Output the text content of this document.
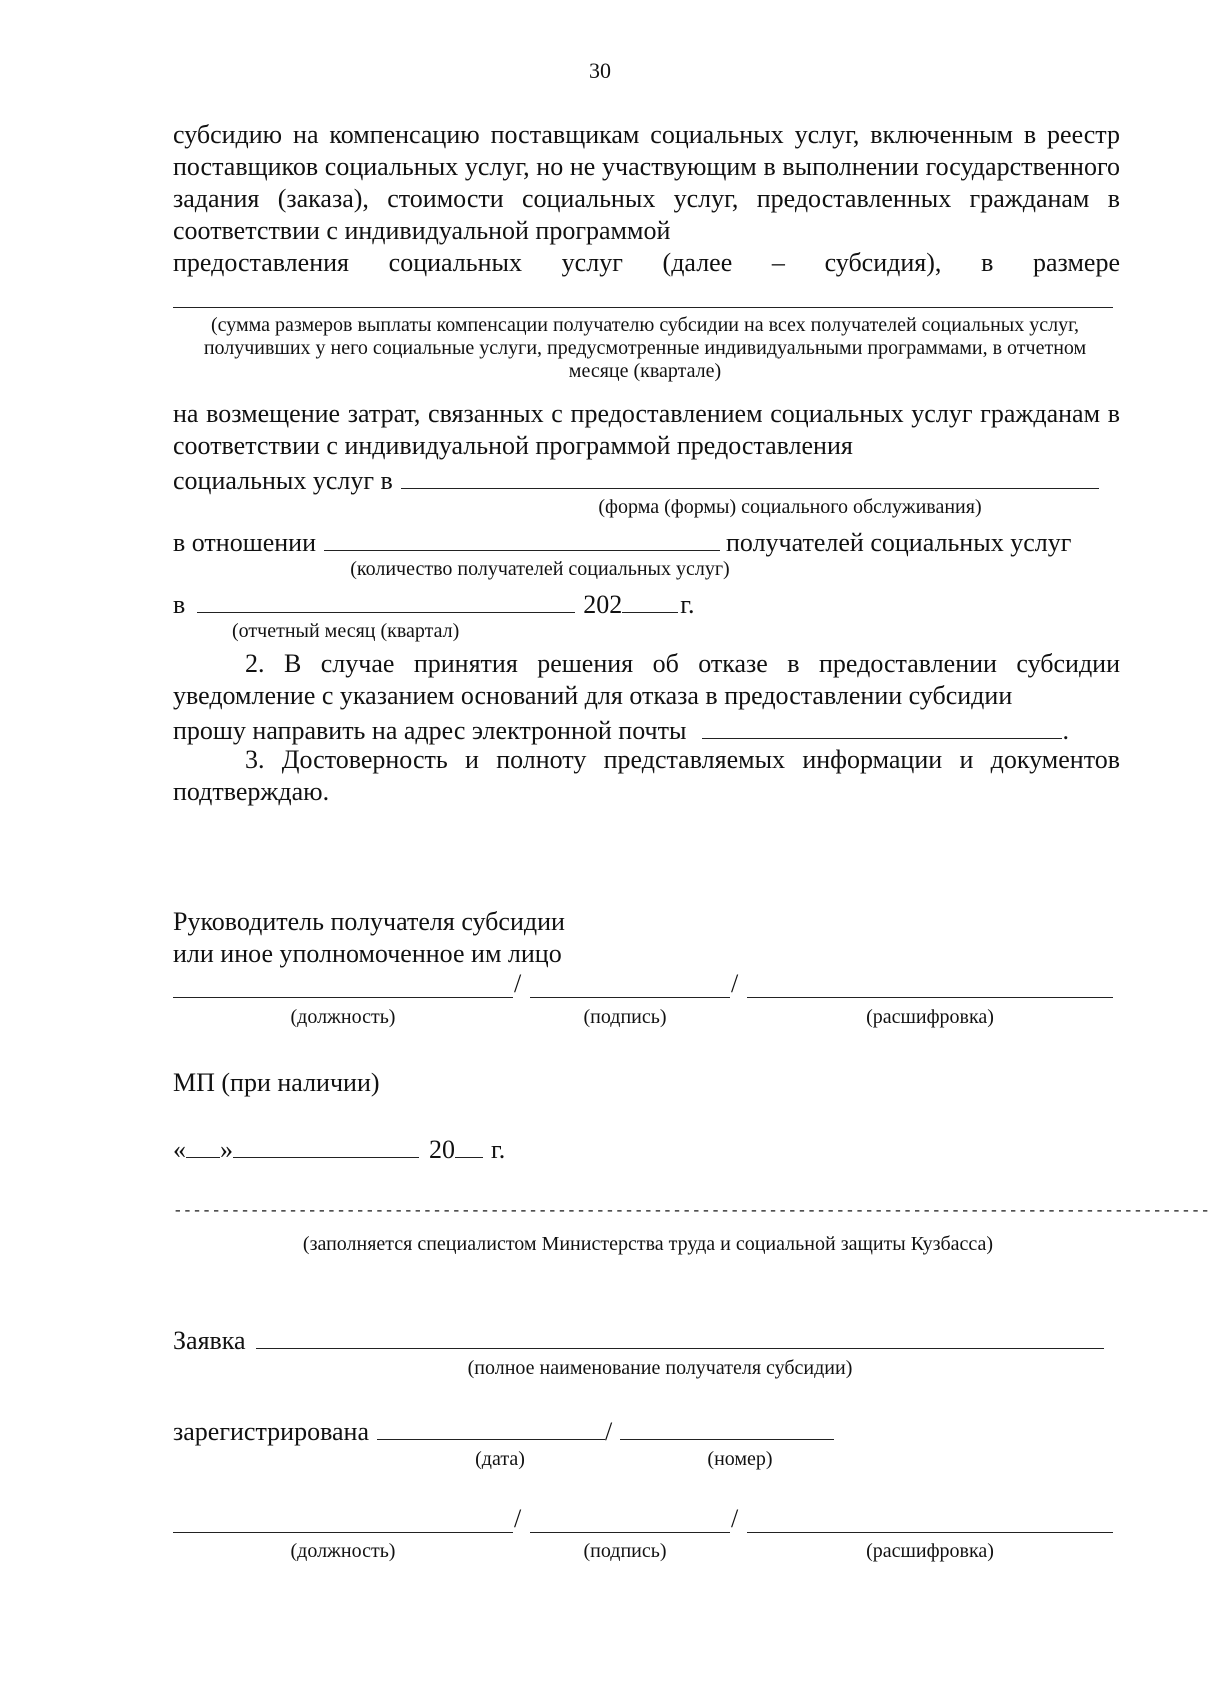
30
субсидию на компенсацию поставщикам социальных услуг, включенным в реестр поставщиков социальных услуг, но не участвующим в выполнении государственного задания (заказа), стоимости социальных услуг, предоставленных гражданам в соответствии с индивидуальной программой
предоставления социальных услуг (далее – субсидия), в размере
(сумма размеров выплаты компенсации получателю субсидии на всех получателей социальных услуг, получивших у него социальные услуги, предусмотренные индивидуальными программами, в отчетном месяце (квартале)
на возмещение затрат, связанных с предоставлением социальных услуг гражданам в соответствии с индивидуальной программой предоставления
социальных услуг в
(форма (формы) социального обслуживания)
в отношении	получателей социальных услуг
(количество получателей социальных услуг)
в	202 г.
(отчетный месяц (квартал)
2. В случае принятия решения об отказе в предоставлении субсидии уведомление с указанием оснований для отказа в предоставлении субсидии
прошу направить на адрес электронной почты	.
3. Достоверность и полноту представляемых информации и документов подтверждаю.
Руководитель получателя субсидии
или иное уполномоченное им лицо
/	/
(должность)	(подпись)	(расшифровка)
МП (при наличии)
« »	20 г.
------------------------------------------------------------------------------------------------------------
(заполняется специалистом Министерства труда и социальной защиты Кузбасса)
Заявка
(полное наименование получателя субсидии)
зарегистрирована	/
(дата)	(номер)
/	/
(должность)	(подпись)	(расшифровка)
